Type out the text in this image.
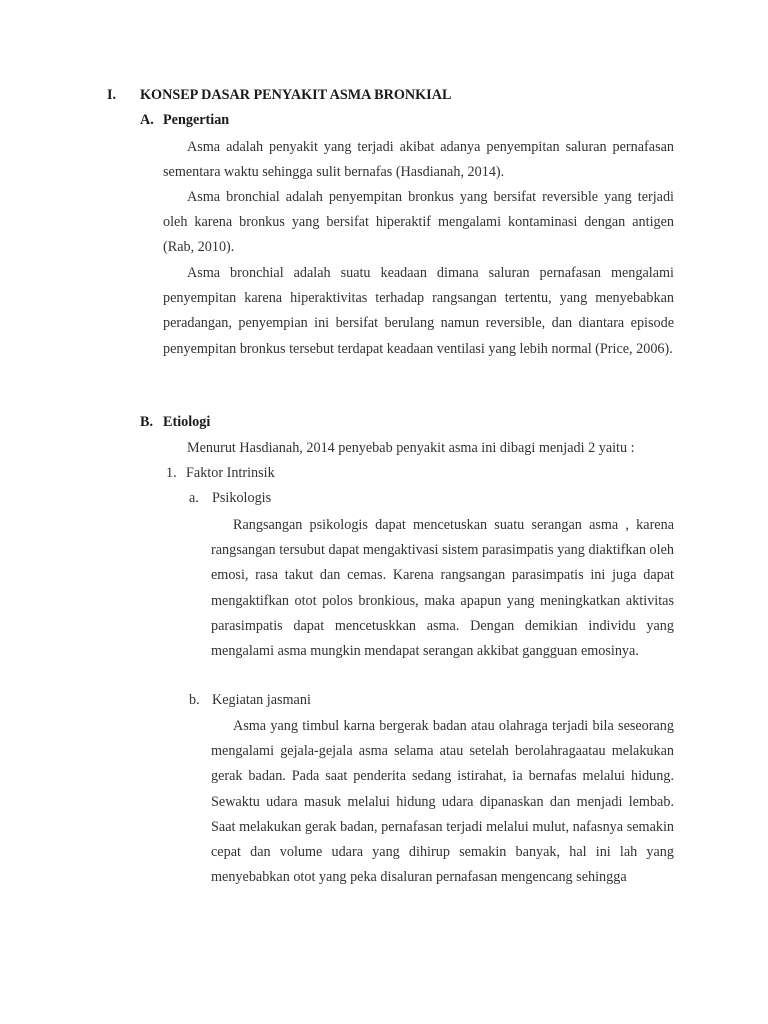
I. KONSEP DASAR PENYAKIT ASMA BRONKIAL
A. Pengertian
Asma adalah penyakit yang terjadi akibat adanya penyempitan saluran pernafasan sementara waktu sehingga sulit bernafas (Hasdianah, 2014).
Asma bronchial adalah penyempitan bronkus yang bersifat reversible yang terjadi oleh karena bronkus yang bersifat hiperaktif mengalami kontaminasi dengan antigen (Rab, 2010).
Asma bronchial adalah suatu keadaan dimana saluran pernafasan mengalami penyempitan karena hiperaktivitas terhadap rangsangan tertentu, yang menyebabkan peradangan, penyempian ini bersifat berulang namun reversible, dan diantara episode penyempitan bronkus tersebut terdapat keadaan ventilasi yang lebih normal (Price, 2006).
B. Etiologi
Menurut Hasdianah, 2014 penyebab penyakit asma ini dibagi menjadi 2 yaitu :
1. Faktor Intrinsik
a. Psikologis
Rangsangan psikologis dapat mencetuskan suatu serangan asma , karena rangsangan tersubut dapat mengaktivasi sistem parasimpatis yang diaktifkan oleh emosi, rasa takut dan cemas. Karena rangsangan parasimpatis ini juga dapat mengaktifkan otot polos bronkious, maka apapun yang meningkatkan aktivitas parasimpatis dapat mencetuskkan asma. Dengan demikian individu yang mengalami asma mungkin mendapat serangan akkibat gangguan emosinya.
b. Kegiatan jasmani
Asma yang timbul karna bergerak badan atau olahraga terjadi bila seseorang mengalami gejala-gejala asma selama atau setelah berolahragaatau melakukan gerak badan. Pada saat penderita sedang istirahat, ia bernafas melalui hidung. Sewaktu udara masuk melalui hidung udara dipanaskan dan menjadi lembab. Saat melakukan gerak badan, pernafasan terjadi melalui mulut, nafasnya semakin cepat dan volume udara yang dihirup semakin banyak, hal ini lah yang menyebabkan otot yang peka disaluran pernafasan mengencang sehingga
